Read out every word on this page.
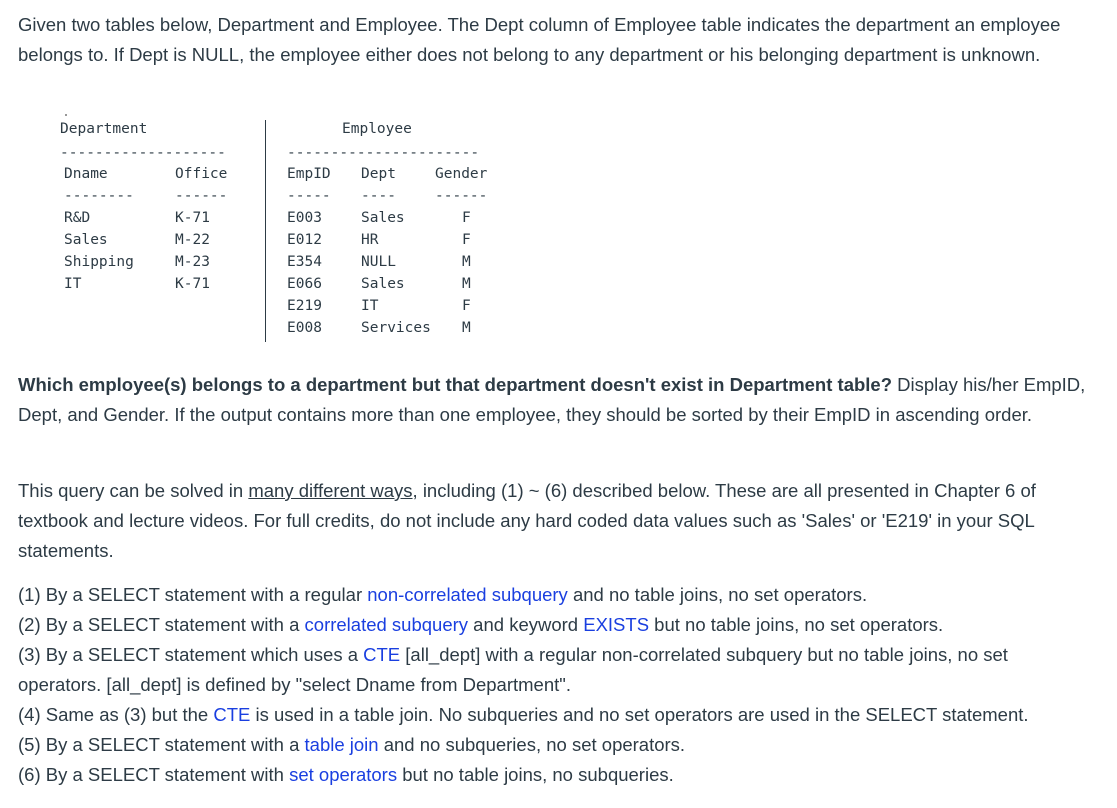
Given two tables below, Department and Employee. The Dept column of Employee table indicates the department an employee belongs to. If Dept is NULL, the employee either does not belong to any department or his belonging department is unknown.

Department	Employee
-------------------	----------------------
Dname	Office	EmpID Dept	Gender
--------	------	----- ----	------
R&D	K-71
Sales	M-22
Shipping	M-23
IT	K-71
E003	Sales	F
E012	HR	F
E354	NULL	M
E066	Sales	M
E219	IT	F
E008	Services M

Which employee(s) belongs to a department but that department doesn't exist in Department table? Display his/her EmpID, Dept, and Gender. If the output contains more than one employee, they should be sorted by their EmpID in ascending order.

This query can be solved in many different ways, including (1) ~ (6) described below. These are all presented in Chapter 6 of textbook and lecture videos. For full credits, do not include any hard coded data values such as 'Sales' or 'E219' in your SQL statements.

(1) By a SELECT statement with a regular non-correlated subquery and no table joins, no set operators.
(2) By a SELECT statement with a correlated subquery and keyword EXISTS but no table joins, no set operators.
(3) By a SELECT statement which uses a CTE [all_dept] with a regular non-correlated subquery but no table joins, no set operators. [all_dept] is defined by "select Dname from Department".
(4) Same as (3) but the CTE is used in a table join. No subqueries and no set operators are used in the SELECT statement.
(5) By a SELECT statement with a table join and no subqueries, no set operators.
(6) By a SELECT statement with set operators but no table joins, no subqueries.
